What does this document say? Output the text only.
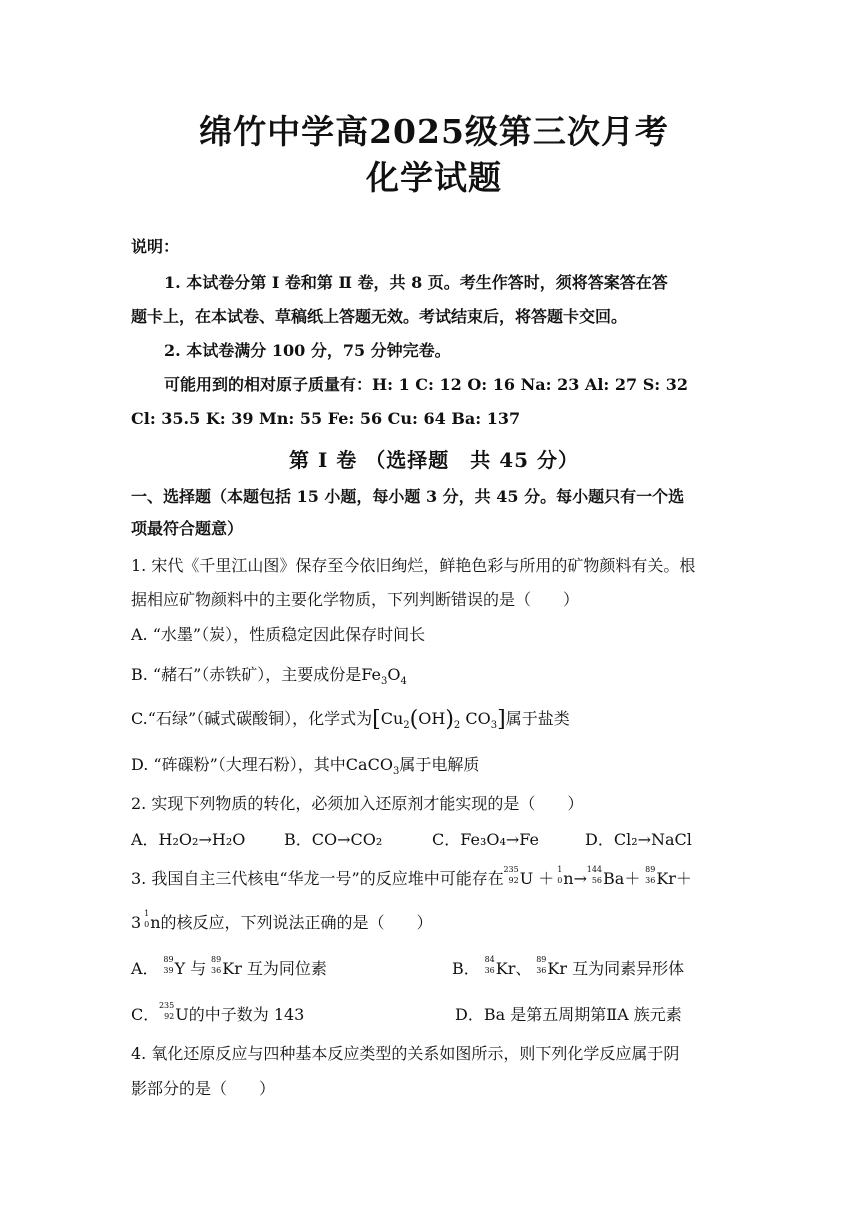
绵竹中学高2025级第三次月考
化学试题
说明：
1. 本试卷分第 Ⅰ 卷和第 Ⅱ 卷，共 8 页。考生作答时，须将答案答在答
题卡上，在本试卷、草稿纸上答题无效。考试结束后，将答题卡交回。
2. 本试卷满分 100 分，75 分钟完卷。
可能用到的相对原子质量有：H: 1 C: 12 O: 16 Na: 23 Al: 27 S: 32
Cl: 35.5 K: 39 Mn: 55 Fe: 56 Cu: 64 Ba: 137
第 Ⅰ 卷 （选择题　共 45 分）
一、选择题（本题包括 15 小题，每小题 3 分，共 45 分。每小题只有一个选
项最符合题意）
1. 宋代《千里江山图》保存至今依旧绚烂，鲜艳色彩与所用的矿物颜料有关。根
据相应矿物颜料中的主要化学物质，下列判断错误的是（　　）
A. “水墨”（炭），性质稳定因此保存时间长
B. “赭石”（赤铁矿），主要成份是$Fe_3O_4$
C.“石绿”（碱式碳酸铜），化学式为[$Cu_2(OH)_2$ $CO_3$]属于盐类
D. “砗磲粉”（大理石粉），其中CaCO$_3$属于电解质
2. 实现下列物质的转化，必须加入还原剂才能实现的是（　　）
A．H₂O₂→H₂O B．CO→CO₂	C．Fe₃O₄→Fe	D．Cl₂→NaCl
3. 我国自主三代核电“华龙一号”的反应堆中可能存在 235
92 U ＋ 1
0 n→ 144
56 Ba＋ 89
36 Kr＋
3 1
0 n的核反应，下列说法正确的是（　　）
A． 89
39 Y 与 89
36 Kr 互为同位素	B． 84
36 Kr、 89
36 Kr 互为同素异形体
C． 235
92 U的中子数为 143	D．Ba 是第五周期第ⅡA 族元素
4. 氧化还原反应与四种基本反应类型的关系如图所示，则下列化学反应属于阴
影部分的是（　　）
